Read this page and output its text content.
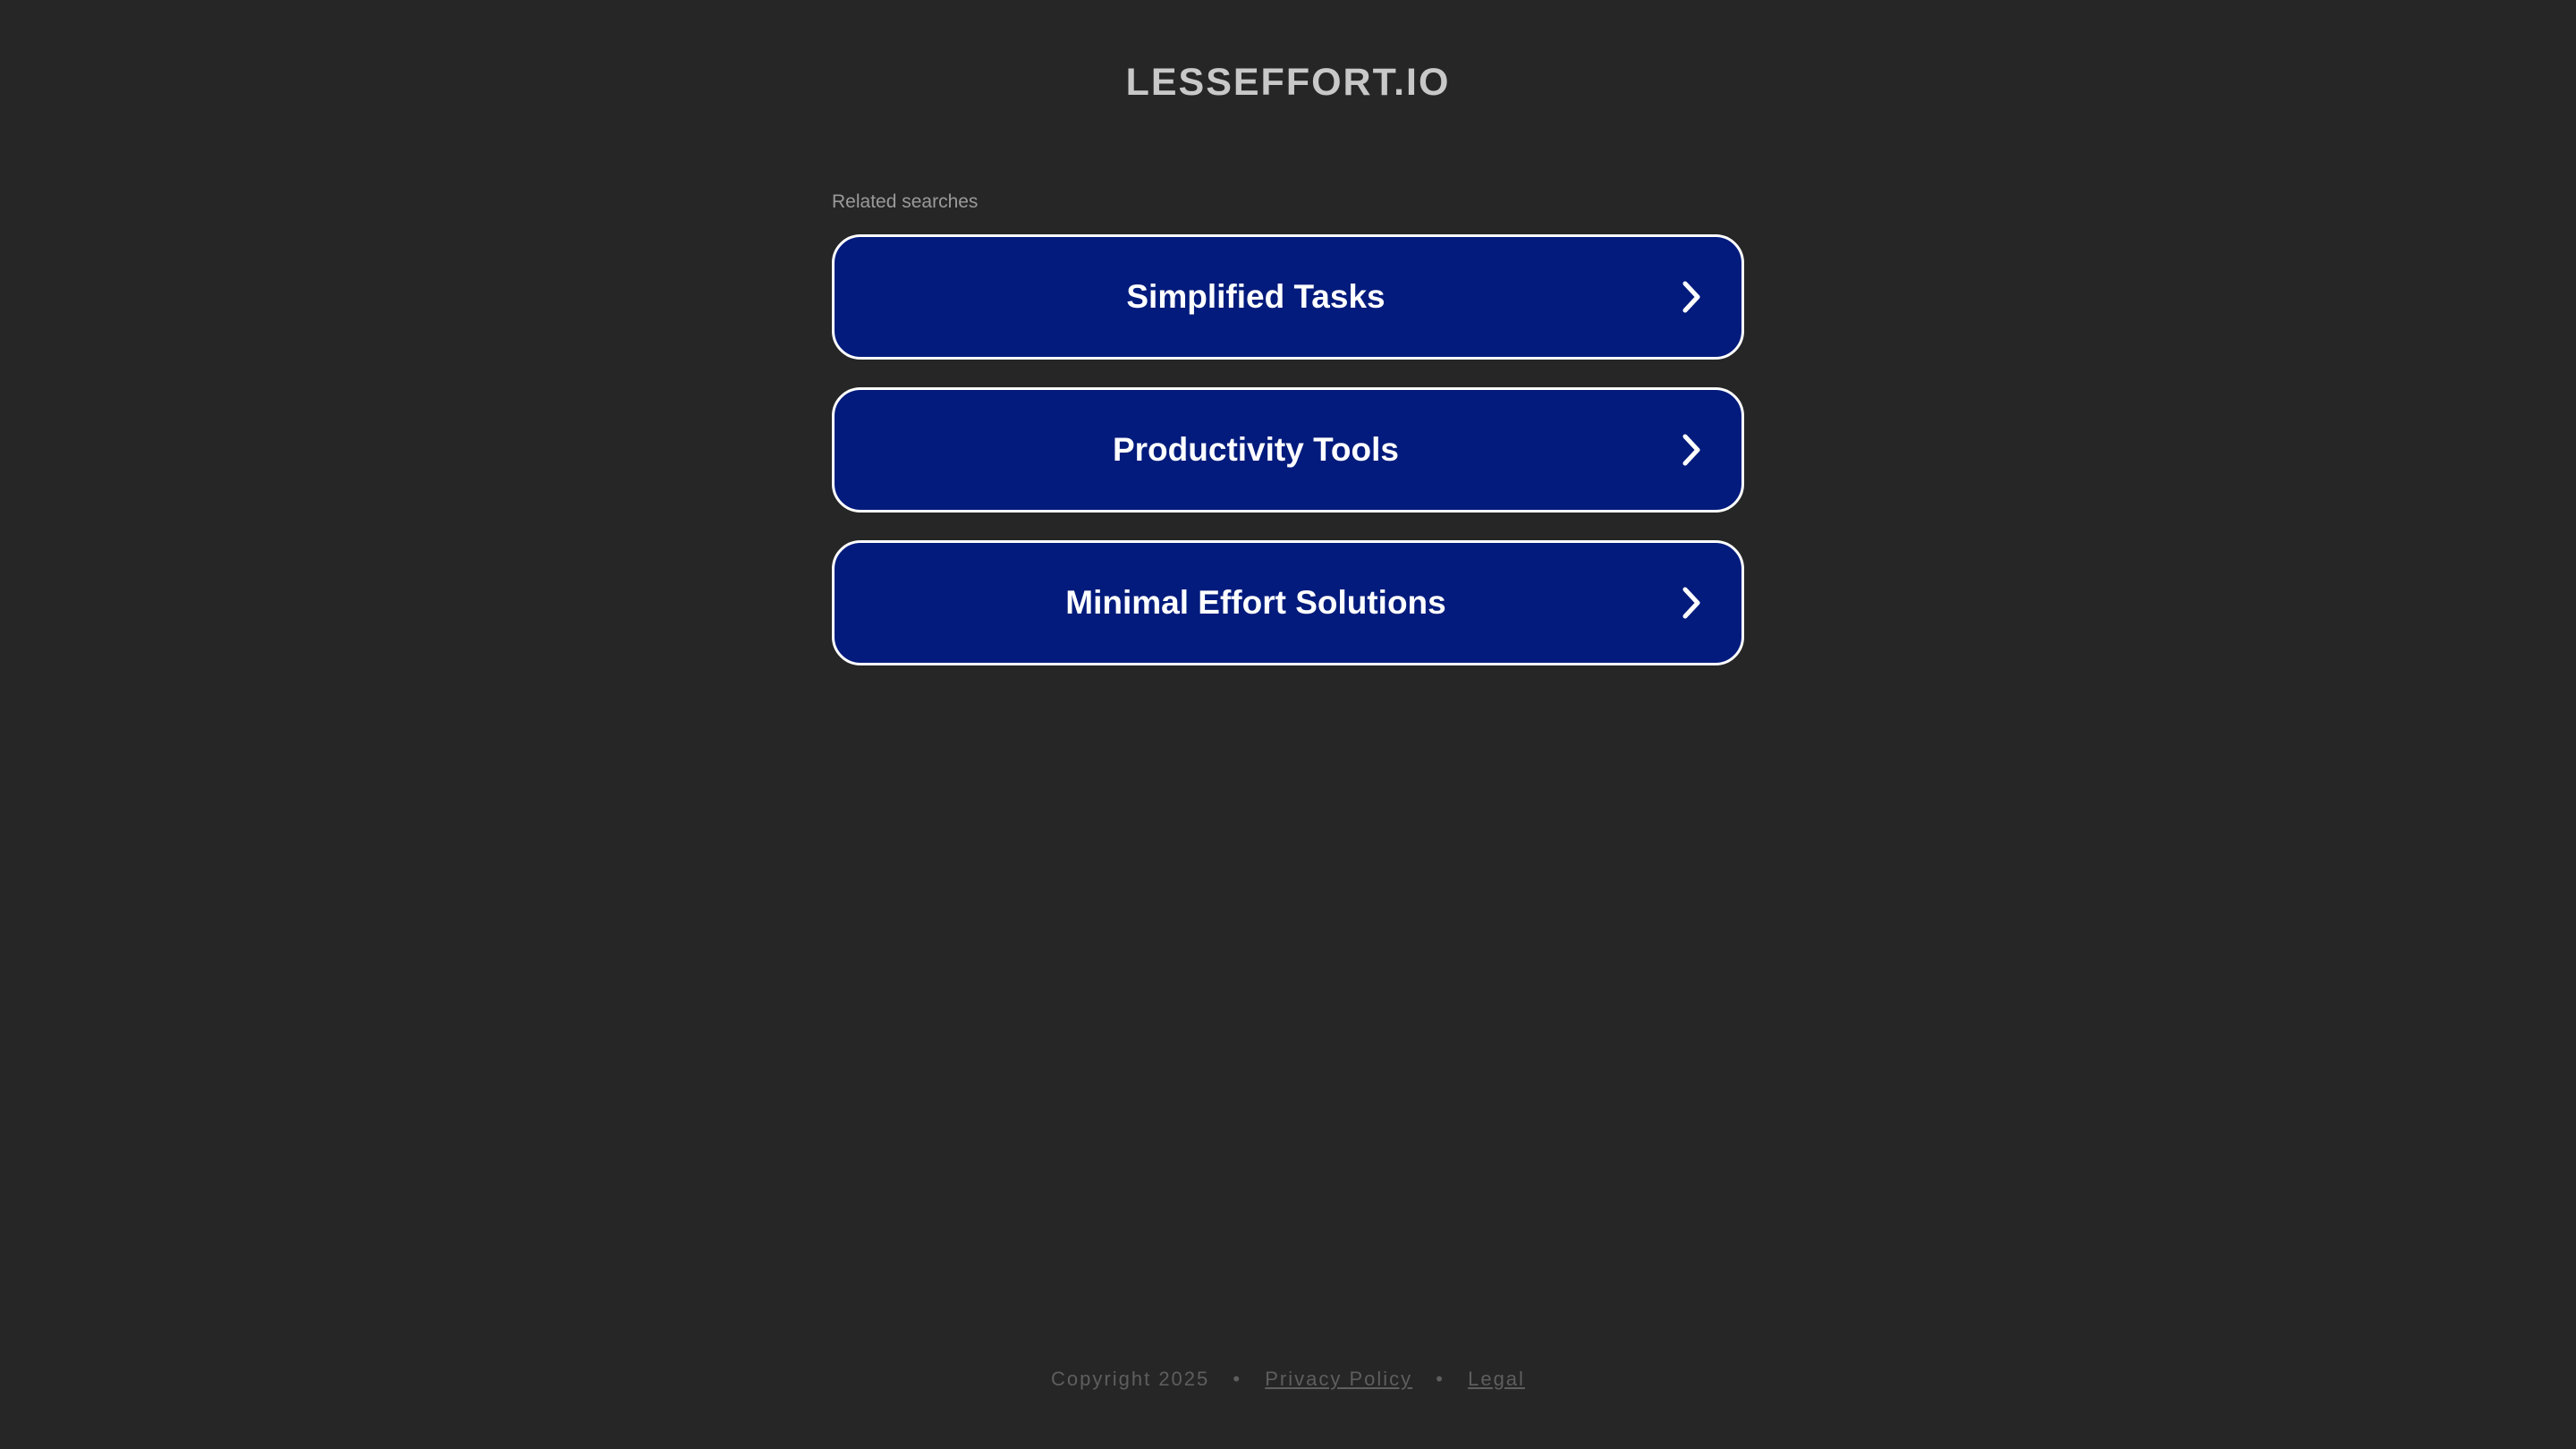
LESSEFFORT.IO
Related searches
Simplified Tasks
Productivity Tools
Minimal Effort Solutions
Copyright 2025 • Privacy Policy • Legal
